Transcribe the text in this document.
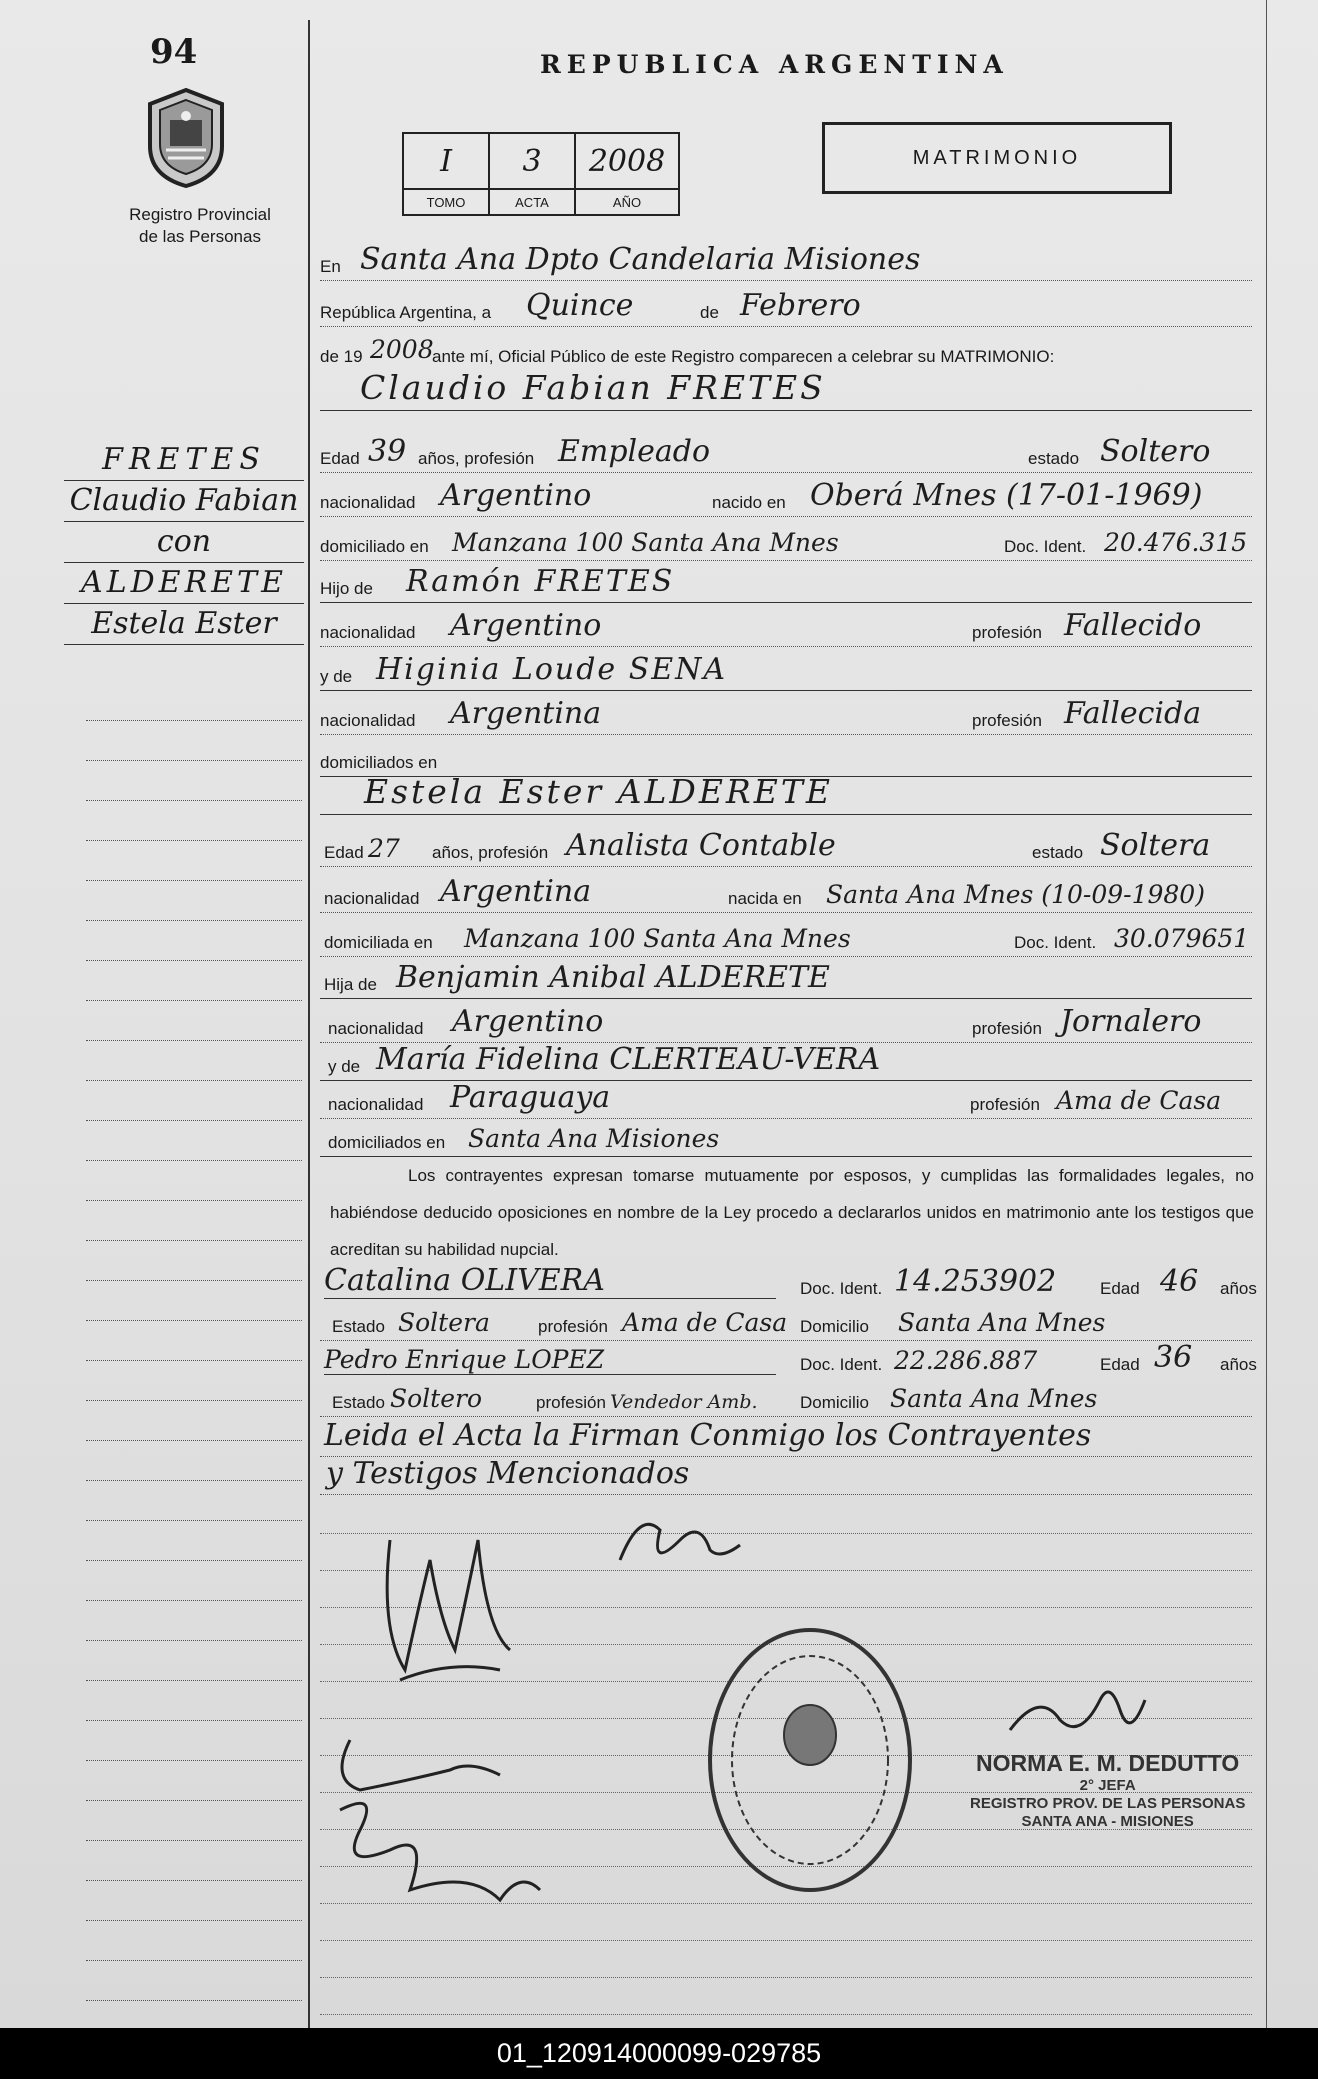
94
Registro Provincial
de las Personas
REPUBLICA ARGENTINA
I	3	2008
TOMO	ACTA	AÑO
MATRIMONIO
FRETES
Claudio Fabian
con
ALDERETE
Estela Ester
En Santa Ana Dpto Candelaria Misiones
República Argentina, a Quince	de Febrero
de 19 2008
ante mí, Oficial Público de este Registro comparecen a celebrar su MATRIMONIO:
Claudio Fabian FRETES
Edad 39 años, profesión Empleado	estado Soltero
nacionalidad Argentino	nacido en Oberá Mnes (17-01-1969)
domiciliado en Manzana 100 Santa Ana Mnes	Doc. Ident. 20.476.315
Hijo de Ramón FRETES
nacionalidad Argentino	profesión Fallecido
y de Higinia Loude SENA
nacionalidad Argentina	profesión Fallecida
domiciliados en
Estela Ester ALDERETE
Edad 27 años, profesión Analista Contable	estado Soltera
nacionalidad Argentina	nacida en Santa Ana Mnes (10-09-1980)
domiciliada en Manzana 100 Santa Ana Mnes	Doc. Ident. 30.079651
Hija de Benjamin Anibal ALDERETE
nacionalidad Argentino	profesión Jornalero
y de María Fidelina CLERTEAU-VERA
nacionalidad Paraguaya	profesión Ama de Casa
domiciliados en Santa Ana Misiones
Los contrayentes expresan tomarse mutuamente por esposos, y cumplidas las formalidades legales, no habiéndose deducido oposiciones en nombre de la Ley procedo a declararlos unidos en matrimonio ante los testigos que acreditan su habilidad nupcial.
Catalina OLIVERA	Doc. Ident. 14.253902	Edad 46 años
Estado Soltera	profesión Ama de Casa Domicilio Santa Ana Mnes
Pedro Enrique LOPEZ	Doc. Ident. 22.286.887	Edad 36 años
Estado Soltero	profesión Vendedor Amb. Domicilio Santa Ana Mnes
Leida el Acta la Firman Conmigo los Contrayentes
y Testigos Mencionados
NORMA E. M. DEDUTTO
2° JEFA
REGISTRO PROV. DE LAS PERSONAS
SANTA ANA - MISIONES
01_120914000099-029785
